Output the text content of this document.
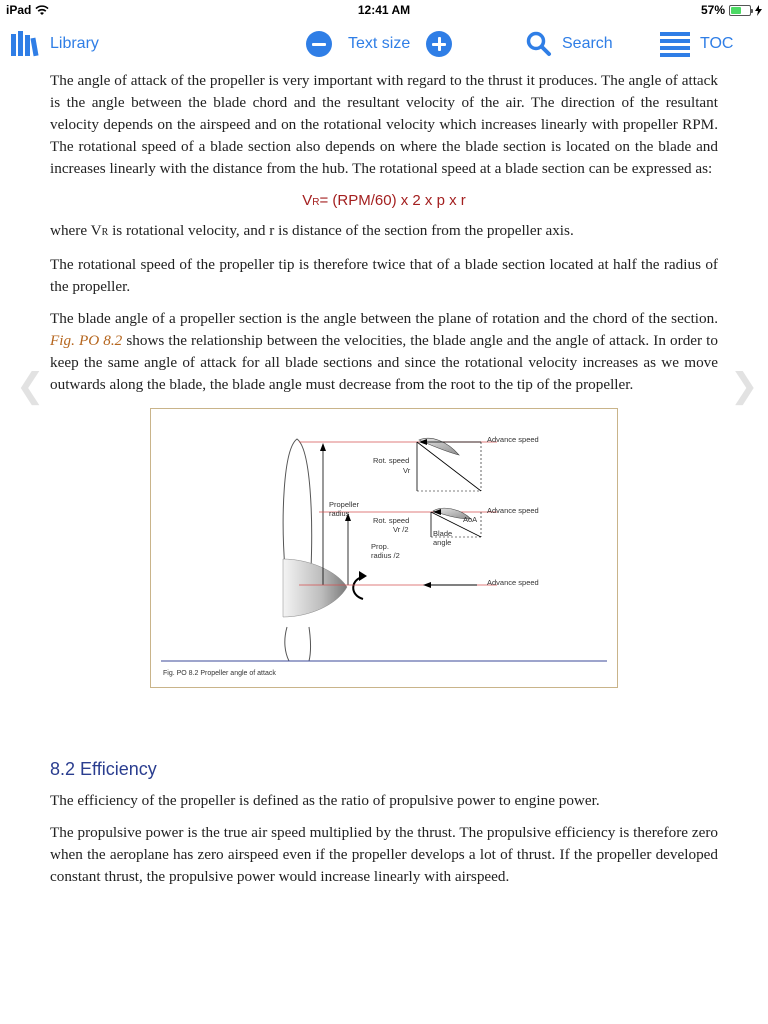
iPad	12:41 AM	57%
Library	Text size	Search	TOC
❮	❯

The angle of attack of the propeller is very important with regard to the thrust it produces. The angle of attack is the angle between the blade chord and the resultant velocity of the air. The direction of the resultant velocity depends on the airspeed and on the rotational velocity which increases linearly with propeller RPM. The rotational speed of a blade section also depends on where the blade section is located on the blade and increases linearly with the distance from the hub. The rotational speed at a blade section can be expressed as:

VR= (RPM/60) x 2 x p x r

where VR is rotational velocity, and r is distance of the section from the propeller axis.

The rotational speed of the propeller tip is therefore twice that of a blade section located at half the radius of the propeller.

The blade angle of a propeller section is the angle between the plane of rotation and the chord of the section. Fig. PO 8.2 shows the relationship between the velocities, the blade angle and the angle of attack. In order to keep the same angle of attack for all blade sections and since the rotational velocity increases as we move outwards along the blade, the blade angle must decrease from the root to the tip of the propeller.

Advance speed
Rot. speed
Vr
Propeller
radius	Advance speed
Rot. speed
Vr /2
AoA
Blade
angle
Prop.
radius /2
Advance speed
Fig. PO 8.2 Propeller angle of attack
8.2 Efficiency

The efficiency of the propeller is defined as the ratio of propulsive power to engine power.

The propulsive power is the true air speed multiplied by the thrust. The propulsive efficiency is therefore zero when the aeroplane has zero airspeed even if the propeller develops a lot of thrust. If the propeller developed constant thrust, the propulsive power would increase linearly with airspeed.
